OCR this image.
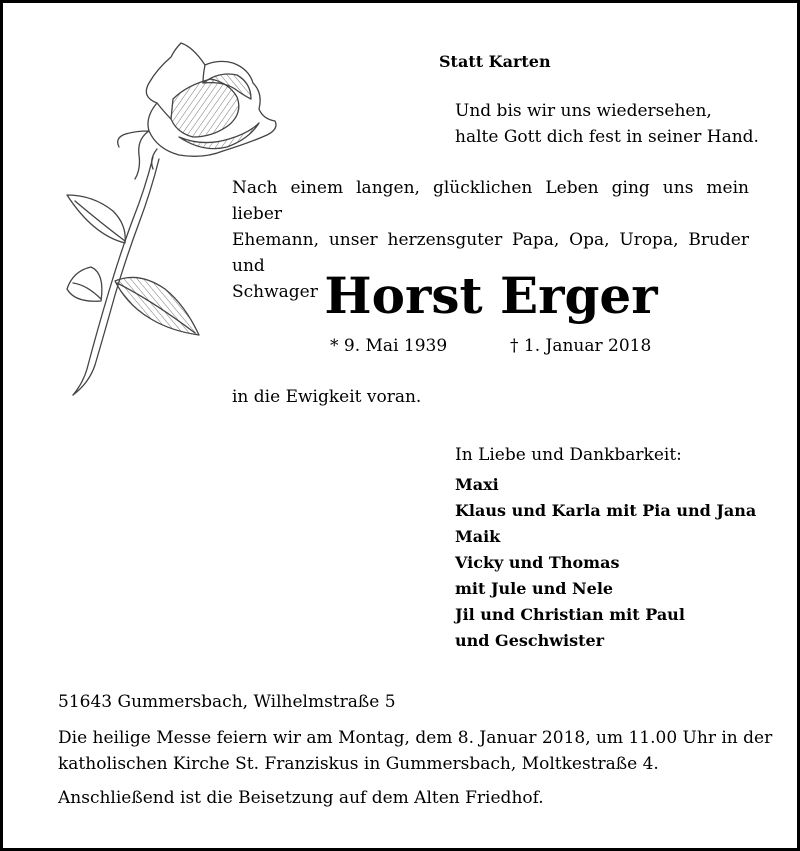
Statt Karten

Und bis wir uns wiedersehen,
halte Gott dich fest in seiner Hand.
Nach einem langen, glücklichen Leben ging uns mein lieber
Ehemann, unser herzensguter Papa, Opa, Uropa, Bruder und
Schwager Horst Erger

* 9. Mai 1939	† 1. Januar 2018

in die Ewigkeit voran.

In Liebe und Dankbarkeit:

Maxi
Klaus und Karla mit Pia und Jana
Maik
Vicky und Thomas
mit Jule und Nele
Jil und Christian mit Paul
und Geschwister

51643 Gummersbach, Wilhelmstraße 5

Die heilige Messe feiern wir am Montag, dem 8. Januar 2018, um 11.00 Uhr in der
katholischen Kirche St. Franziskus in Gummersbach, Moltkestraße 4.

Anschließend ist die Beisetzung auf dem Alten Friedhof.
